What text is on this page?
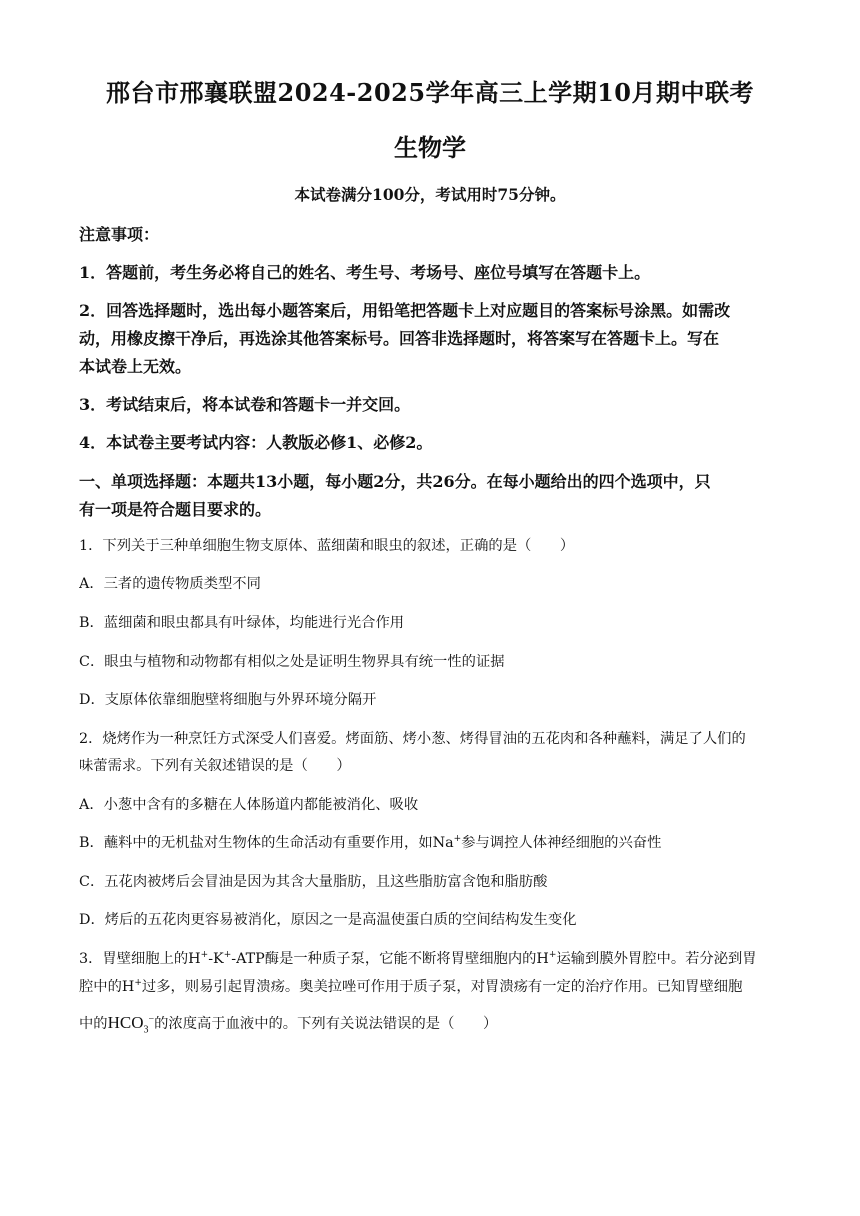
邢台市邢襄联盟2024-2025学年高三上学期10月期中联考
生物学
本试卷满分100分，考试用时75分钟。
注意事项：
1．答题前，考生务必将自己的姓名、考生号、考场号、座位号填写在答题卡上。
2．回答选择题时，选出每小题答案后，用铅笔把答题卡上对应题目的答案标号涂黑。如需改
动，用橡皮擦干净后，再选涂其他答案标号。回答非选择题时，将答案写在答题卡上。写在
本试卷上无效。
3．考试结束后，将本试卷和答题卡一并交回。
4．本试卷主要考试内容：人教版必修1、必修2。
一、单项选择题：本题共13小题，每小题2分，共26分。在每小题给出的四个选项中，只
有一项是符合题目要求的。
1．下列关于三种单细胞生物支原体、蓝细菌和眼虫的叙述，正确的是（　　）
A．三者的遗传物质类型不同
B．蓝细菌和眼虫都具有叶绿体，均能进行光合作用
C．眼虫与植物和动物都有相似之处是证明生物界具有统一性的证据
D．支原体依靠细胞壁将细胞与外界环境分隔开
2．烧烤作为一种烹饪方式深受人们喜爱。烤面筋、烤小葱、烤得冒油的五花肉和各种蘸料，满足了人们的
味蕾需求。下列有关叙述错误的是（　　）
A．小葱中含有的多糖在人体肠道内都能被消化、吸收
B．蘸料中的无机盐对生物体的生命活动有重要作用，如Na+参与调控人体神经细胞的兴奋性
C．五花肉被烤后会冒油是因为其含大量脂肪，且这些脂肪富含饱和脂肪酸
D．烤后的五花肉更容易被消化，原因之一是高温使蛋白质的空间结构发生变化
3．胃壁细胞上的H+-K+-ATP酶是一种质子泵，它能不断将胃壁细胞内的H+运输到膜外胃腔中。若分泌到胃
腔中的H+过多，则易引起胃溃疡。奥美拉唑可作用于质子泵，对胃溃疡有一定的治疗作用。已知胃壁细胞
中的$HCO_3^-$的浓度高于血液中的。下列有关说法错误的是（　　）
